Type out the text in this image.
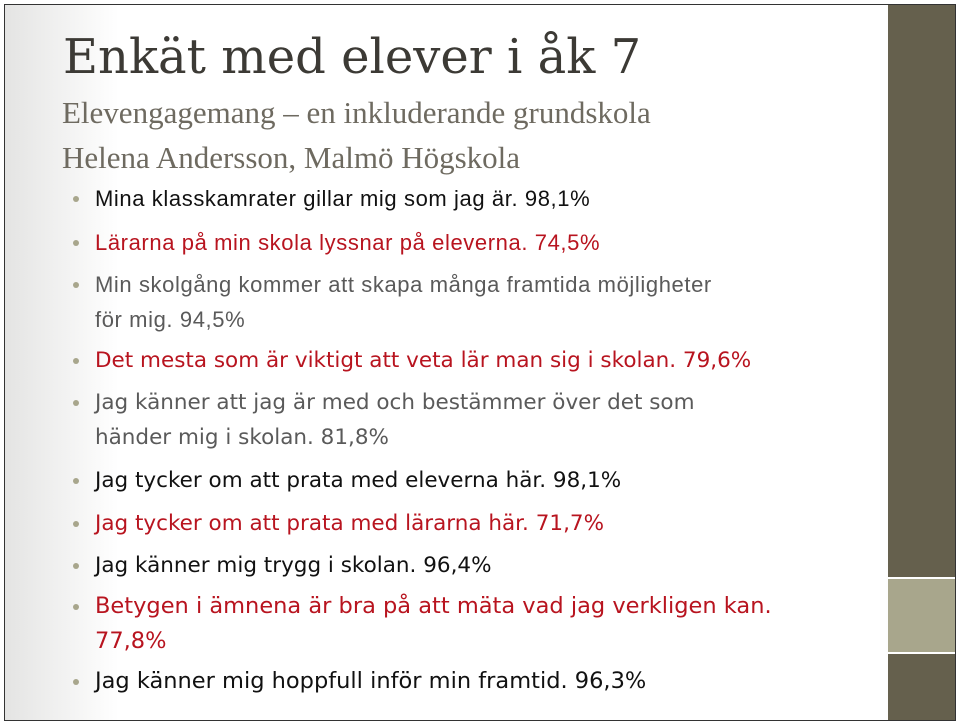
Enkät med elever i åk 7
Elevengagemang – en inkluderande grundskola
Helena Andersson, Malmö Högskola
Mina klasskamrater gillar mig som jag är. 98,1%
Lärarna på min skola lyssnar på eleverna. 74,5%
Min skolgång kommer att skapa många framtida möjligheter
för mig. 94,5%
Det mesta som är viktigt att veta lär man sig i skolan. 79,6%
Jag känner att jag är med och bestämmer över det som
händer mig i skolan. 81,8%
Jag tycker om att prata med eleverna här. 98,1%
Jag tycker om att prata med lärarna här. 71,7%
Jag känner mig trygg i skolan. 96,4%
Betygen i ämnena är bra på att mäta vad jag verkligen kan.
77,8%
Jag känner mig hoppfull inför min framtid. 96,3%
